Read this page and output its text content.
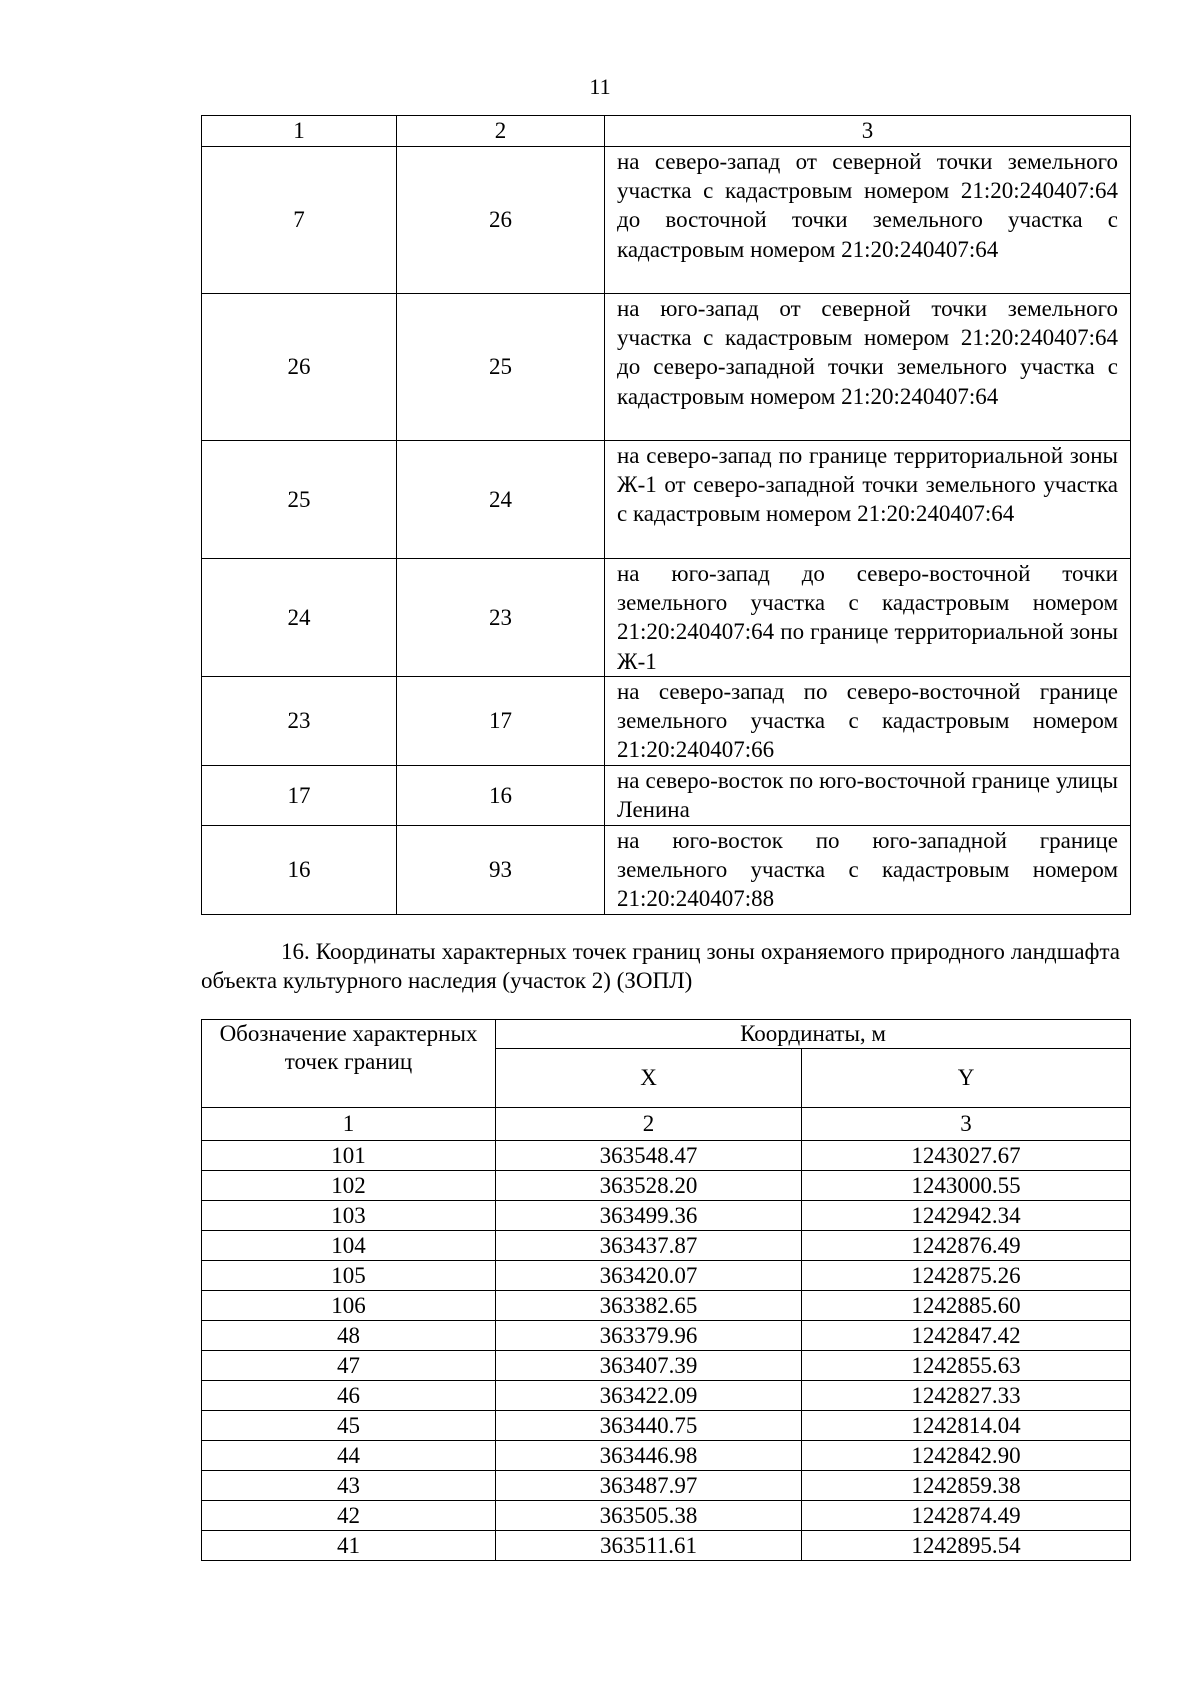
11
1	2	3
7	26	на северо-запад от северной точки земельного участка с кадастровым номером 21:20:240407:64 до восточной точки земельного участка с кадастровым номером 21:20:240407:64
26	25	на юго-запад от северной точки земельного участка с кадастровым номером 21:20:240407:64 до северо-западной точки земельного участка с кадастровым номером 21:20:240407:64
25	24	на северо-запад по границе территориальной зоны Ж-1 от северо-западной точки земельного участка с кадастровым номером 21:20:240407:64
24	23	на юго-запад до северо-восточной точки земельного участка с кадастровым номером 21:20:240407:64 по границе территориальной зоны Ж-1
23	17	на северо-запад по северо-восточной границе земельного участка с кадастровым номером 21:20:240407:66
17	16	на северо-восток по юго-восточной границе улицы Ленина
16	93	на юго-восток по юго-западной границе земельного участка с кадастровым номером 21:20:240407:88

16. Координаты характерных точек границ зоны охраняемого природного ландшафта объекта культурного наследия (участок 2) (ЗОПЛ)

Обозначение характерных точек границ	Координаты, м	
	X	Y
1	2	3
101	363548.47	1243027.67
102	363528.20	1243000.55
103	363499.36	1242942.34
104	363437.87	1242876.49
105	363420.07	1242875.26
106	363382.65	1242885.60
48	363379.96	1242847.42
47	363407.39	1242855.63
46	363422.09	1242827.33
45	363440.75	1242814.04
44	363446.98	1242842.90
43	363487.97	1242859.38
42	363505.38	1242874.49
41	363511.61	1242895.54
